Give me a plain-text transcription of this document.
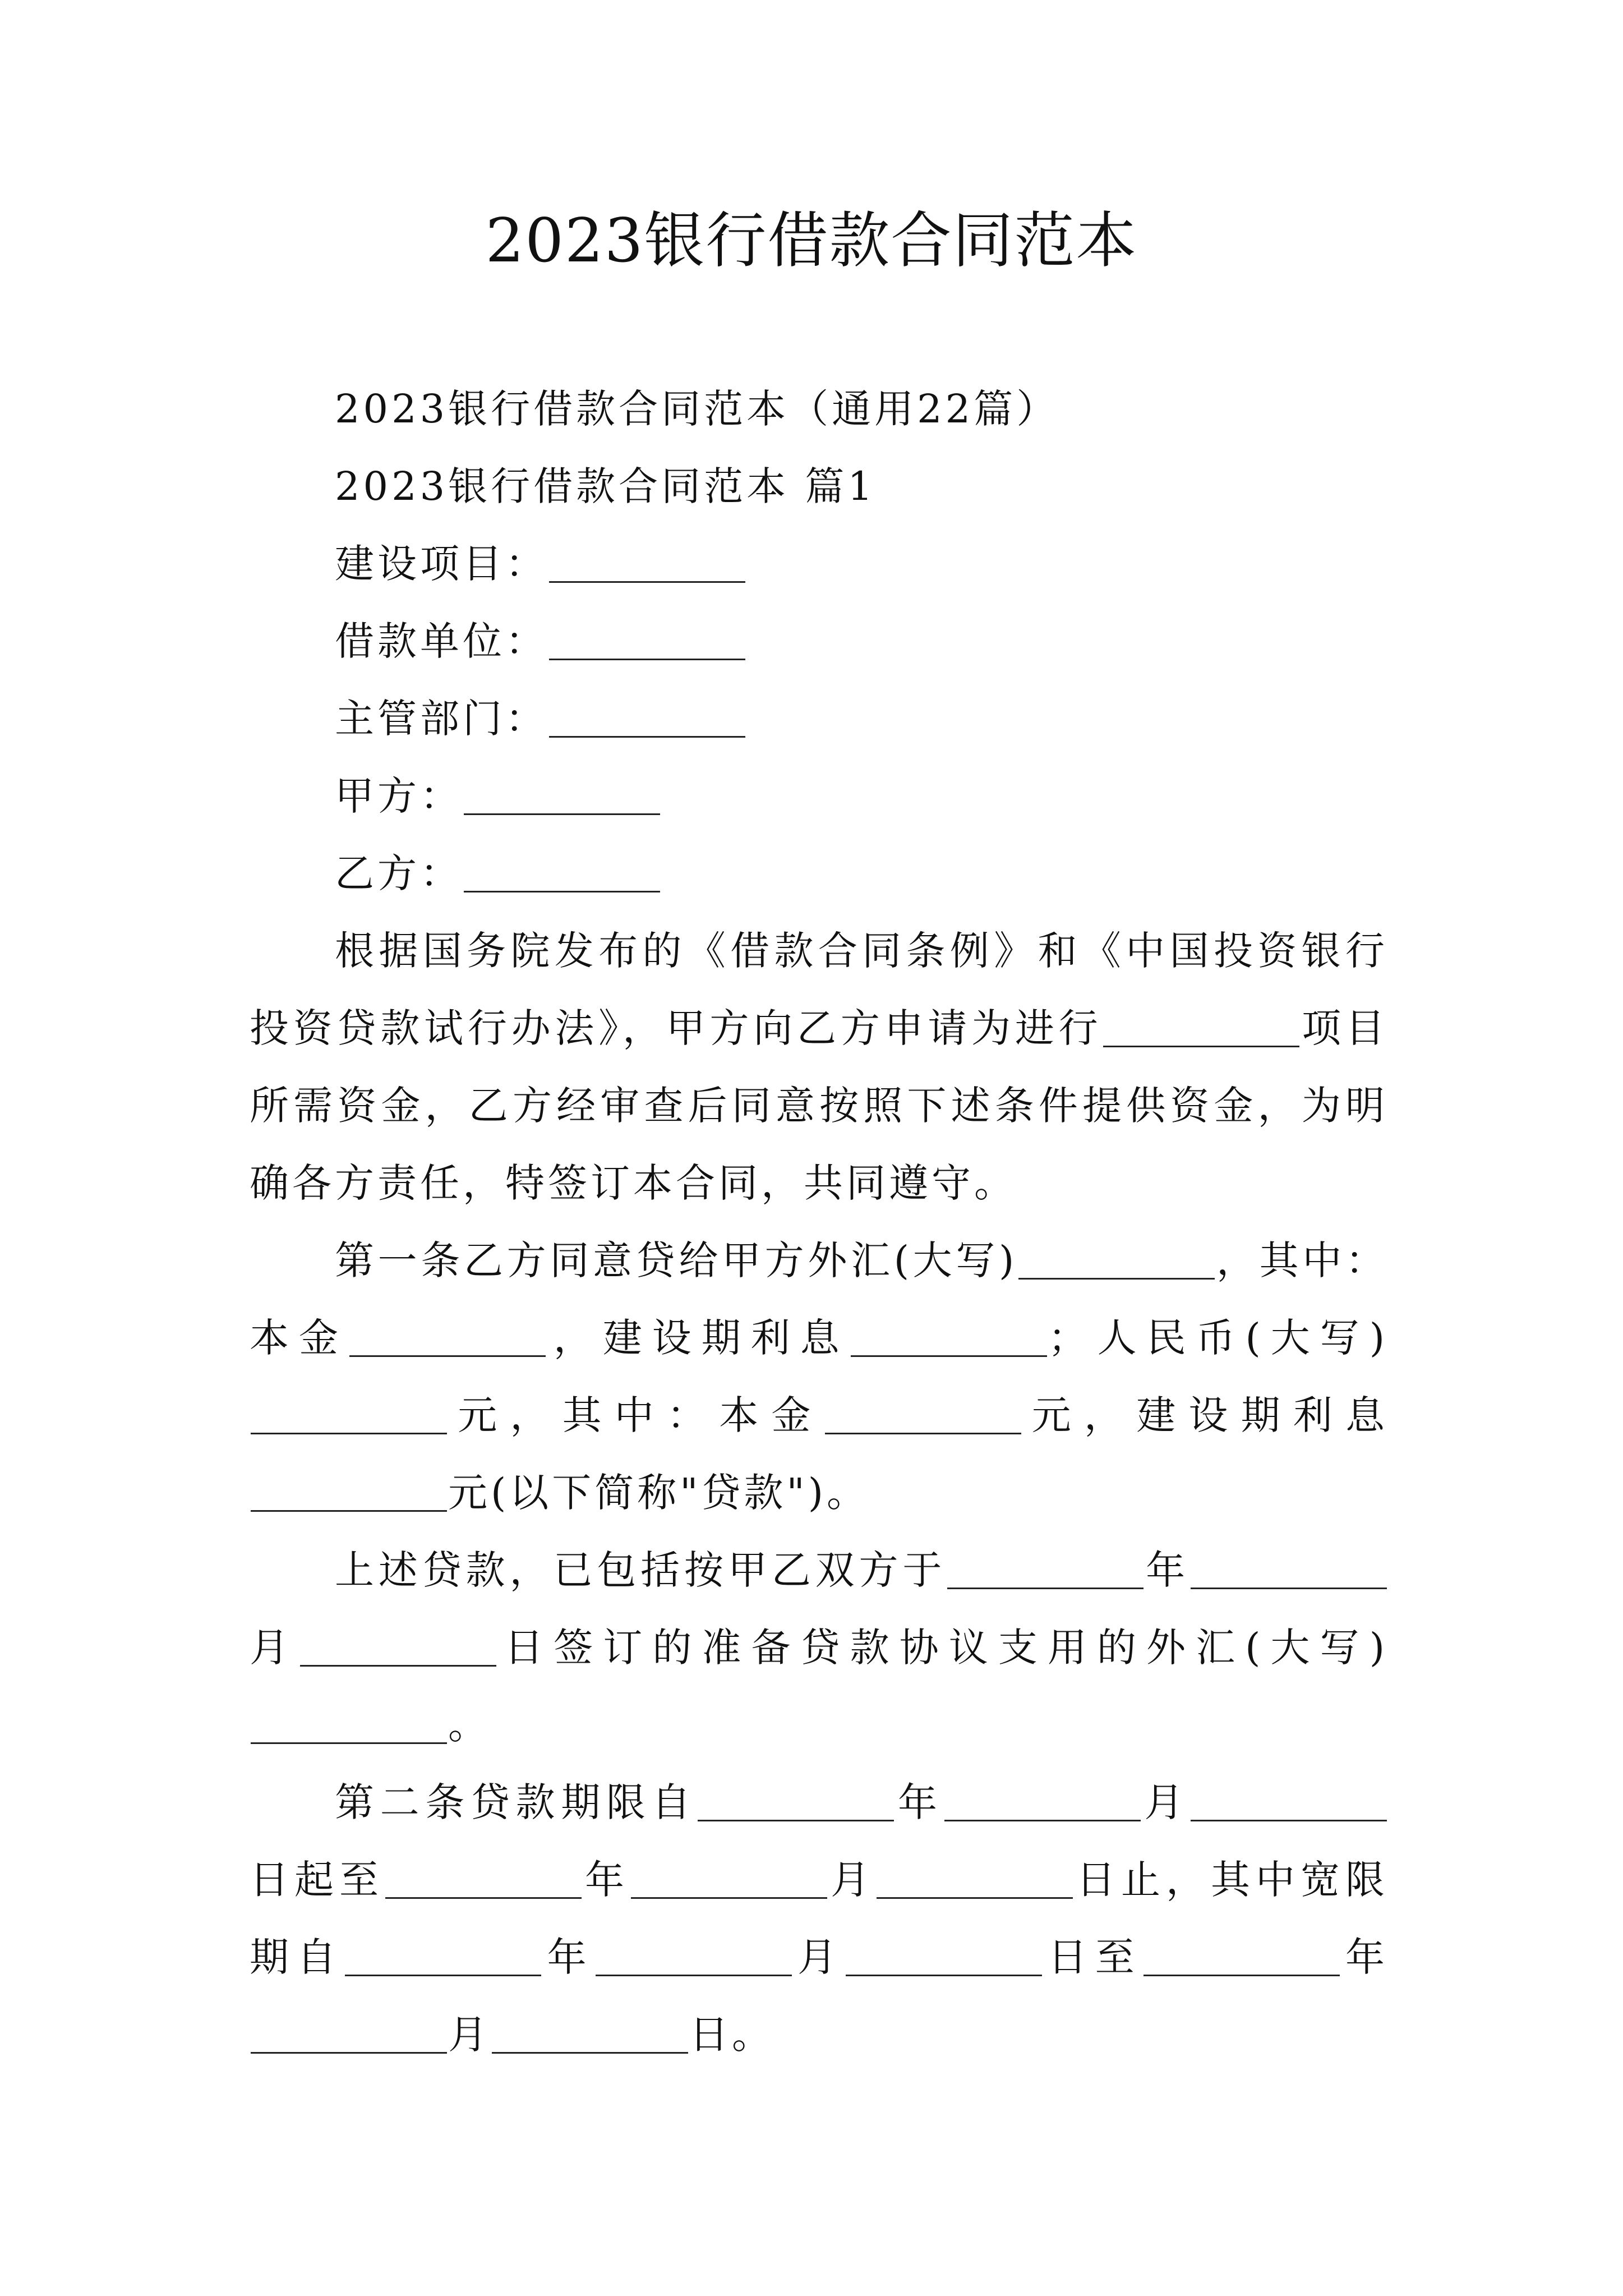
2023银行借款合同范本

2023银行借款合同范本（通用22篇）

2023银行借款合同范本 篇1

建设项目：

借款单位：

主管部门：

甲方：

乙方：

根据国务院发布的《借款合同条例》和《中国投资银行投资贷款试行办法》，甲方向乙方申请为进行	项目所需资金，乙方经审查后同意按照下述条件提供资金，为明确各方责任，特签订本合同，共同遵守。

第一条乙方同意贷给甲方外汇(大写)	，其中：本金	，建设期利息	；人民币(大写)元，其中：本金	元，建设期利息元(以下简称"贷款")。

上述贷款，已包括按甲乙双方于	年月	日签订的准备贷款协议支用的外汇(大写)。

第二条贷款期限自	年	月日起至	年	月	日止，其中宽限期自	年	月	日至	年月	日。
